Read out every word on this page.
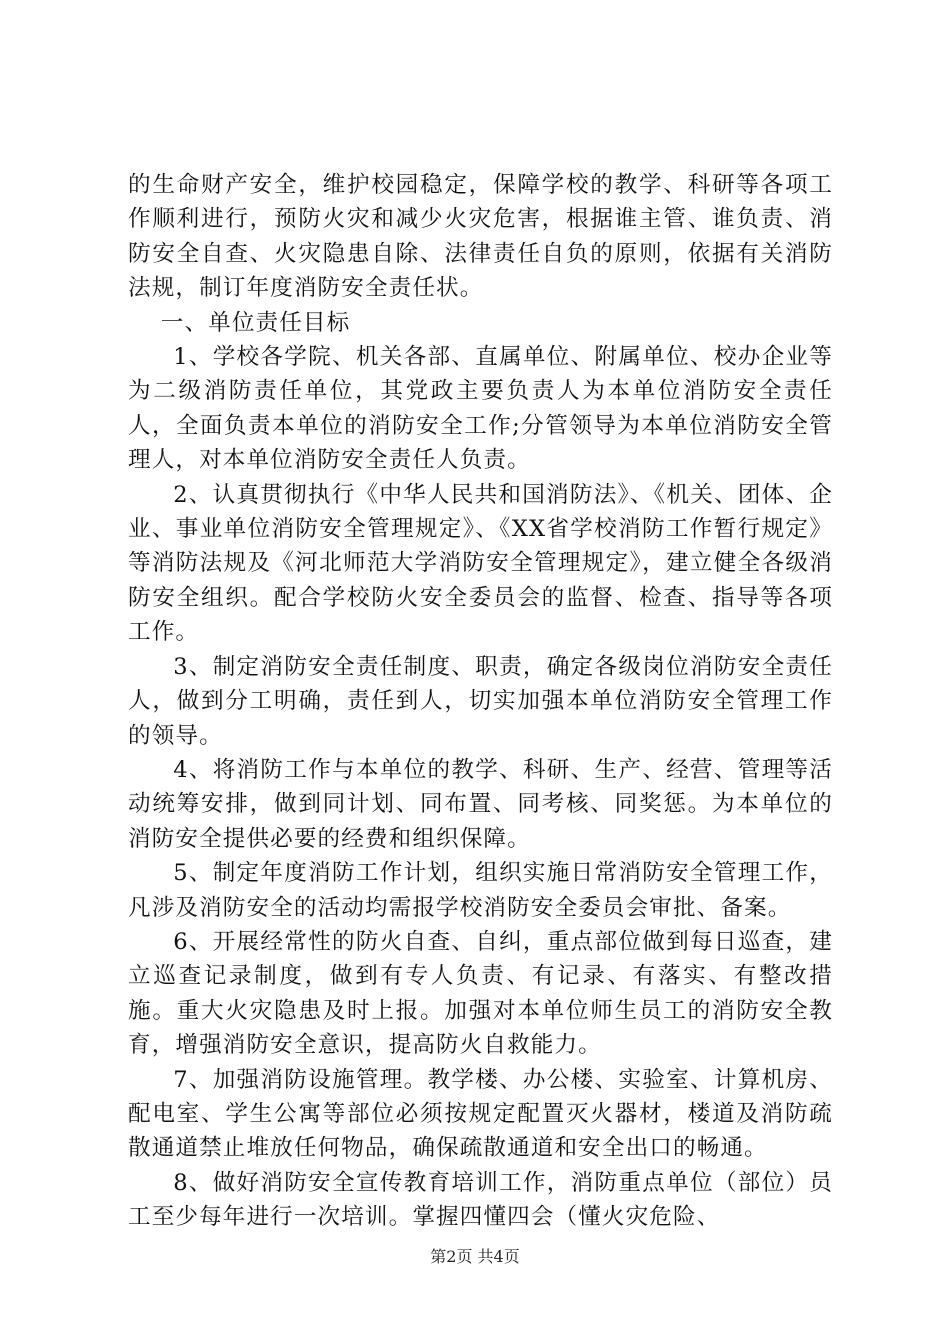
的生命财产安全，维护校园稳定，保障学校的教学、科研等各项工作顺利进行，预防火灾和减少火灾危害，根据谁主管、谁负责、消防安全自查、火灾隐患自除、法律责任自负的原则，依据有关消防法规，制订年度消防安全责任状。

一、单位责任目标

1、学校各学院、机关各部、直属单位、附属单位、校办企业等为二级消防责任单位，其党政主要负责人为本单位消防安全责任人，全面负责本单位的消防安全工作;分管领导为本单位消防安全管理人，对本单位消防安全责任人负责。

2、认真贯彻执行《中华人民共和国消防法》、《机关、团体、企业、事业单位消防安全管理规定》、《XX省学校消防工作暂行规定》等消防法规及《河北师范大学消防安全管理规定》，建立健全各级消防安全组织。配合学校防火安全委员会的监督、检查、指导等各项工作。

3、制定消防安全责任制度、职责，确定各级岗位消防安全责任人，做到分工明确，责任到人，切实加强本单位消防安全管理工作的领导。

4、将消防工作与本单位的教学、科研、生产、经营、管理等活动统筹安排，做到同计划、同布置、同考核、同奖惩。为本单位的消防安全提供必要的经费和组织保障。

5、制定年度消防工作计划，组织实施日常消防安全管理工作，凡涉及消防安全的活动均需报学校消防安全委员会审批、备案。

6、开展经常性的防火自查、自纠，重点部位做到每日巡查，建立巡查记录制度，做到有专人负责、有记录、有落实、有整改措施。重大火灾隐患及时上报。加强对本单位师生员工的消防安全教育，增强消防安全意识，提高防火自救能力。

7、加强消防设施管理。教学楼、办公楼、实验室、计算机房、配电室、学生公寓等部位必须按规定配置灭火器材，楼道及消防疏散通道禁止堆放任何物品，确保疏散通道和安全出口的畅通。

8、做好消防安全宣传教育培训工作，消防重点单位（部位）员工至少每年进行一次培训。掌握四懂四会（懂火灾危险、

第2页 共4页
